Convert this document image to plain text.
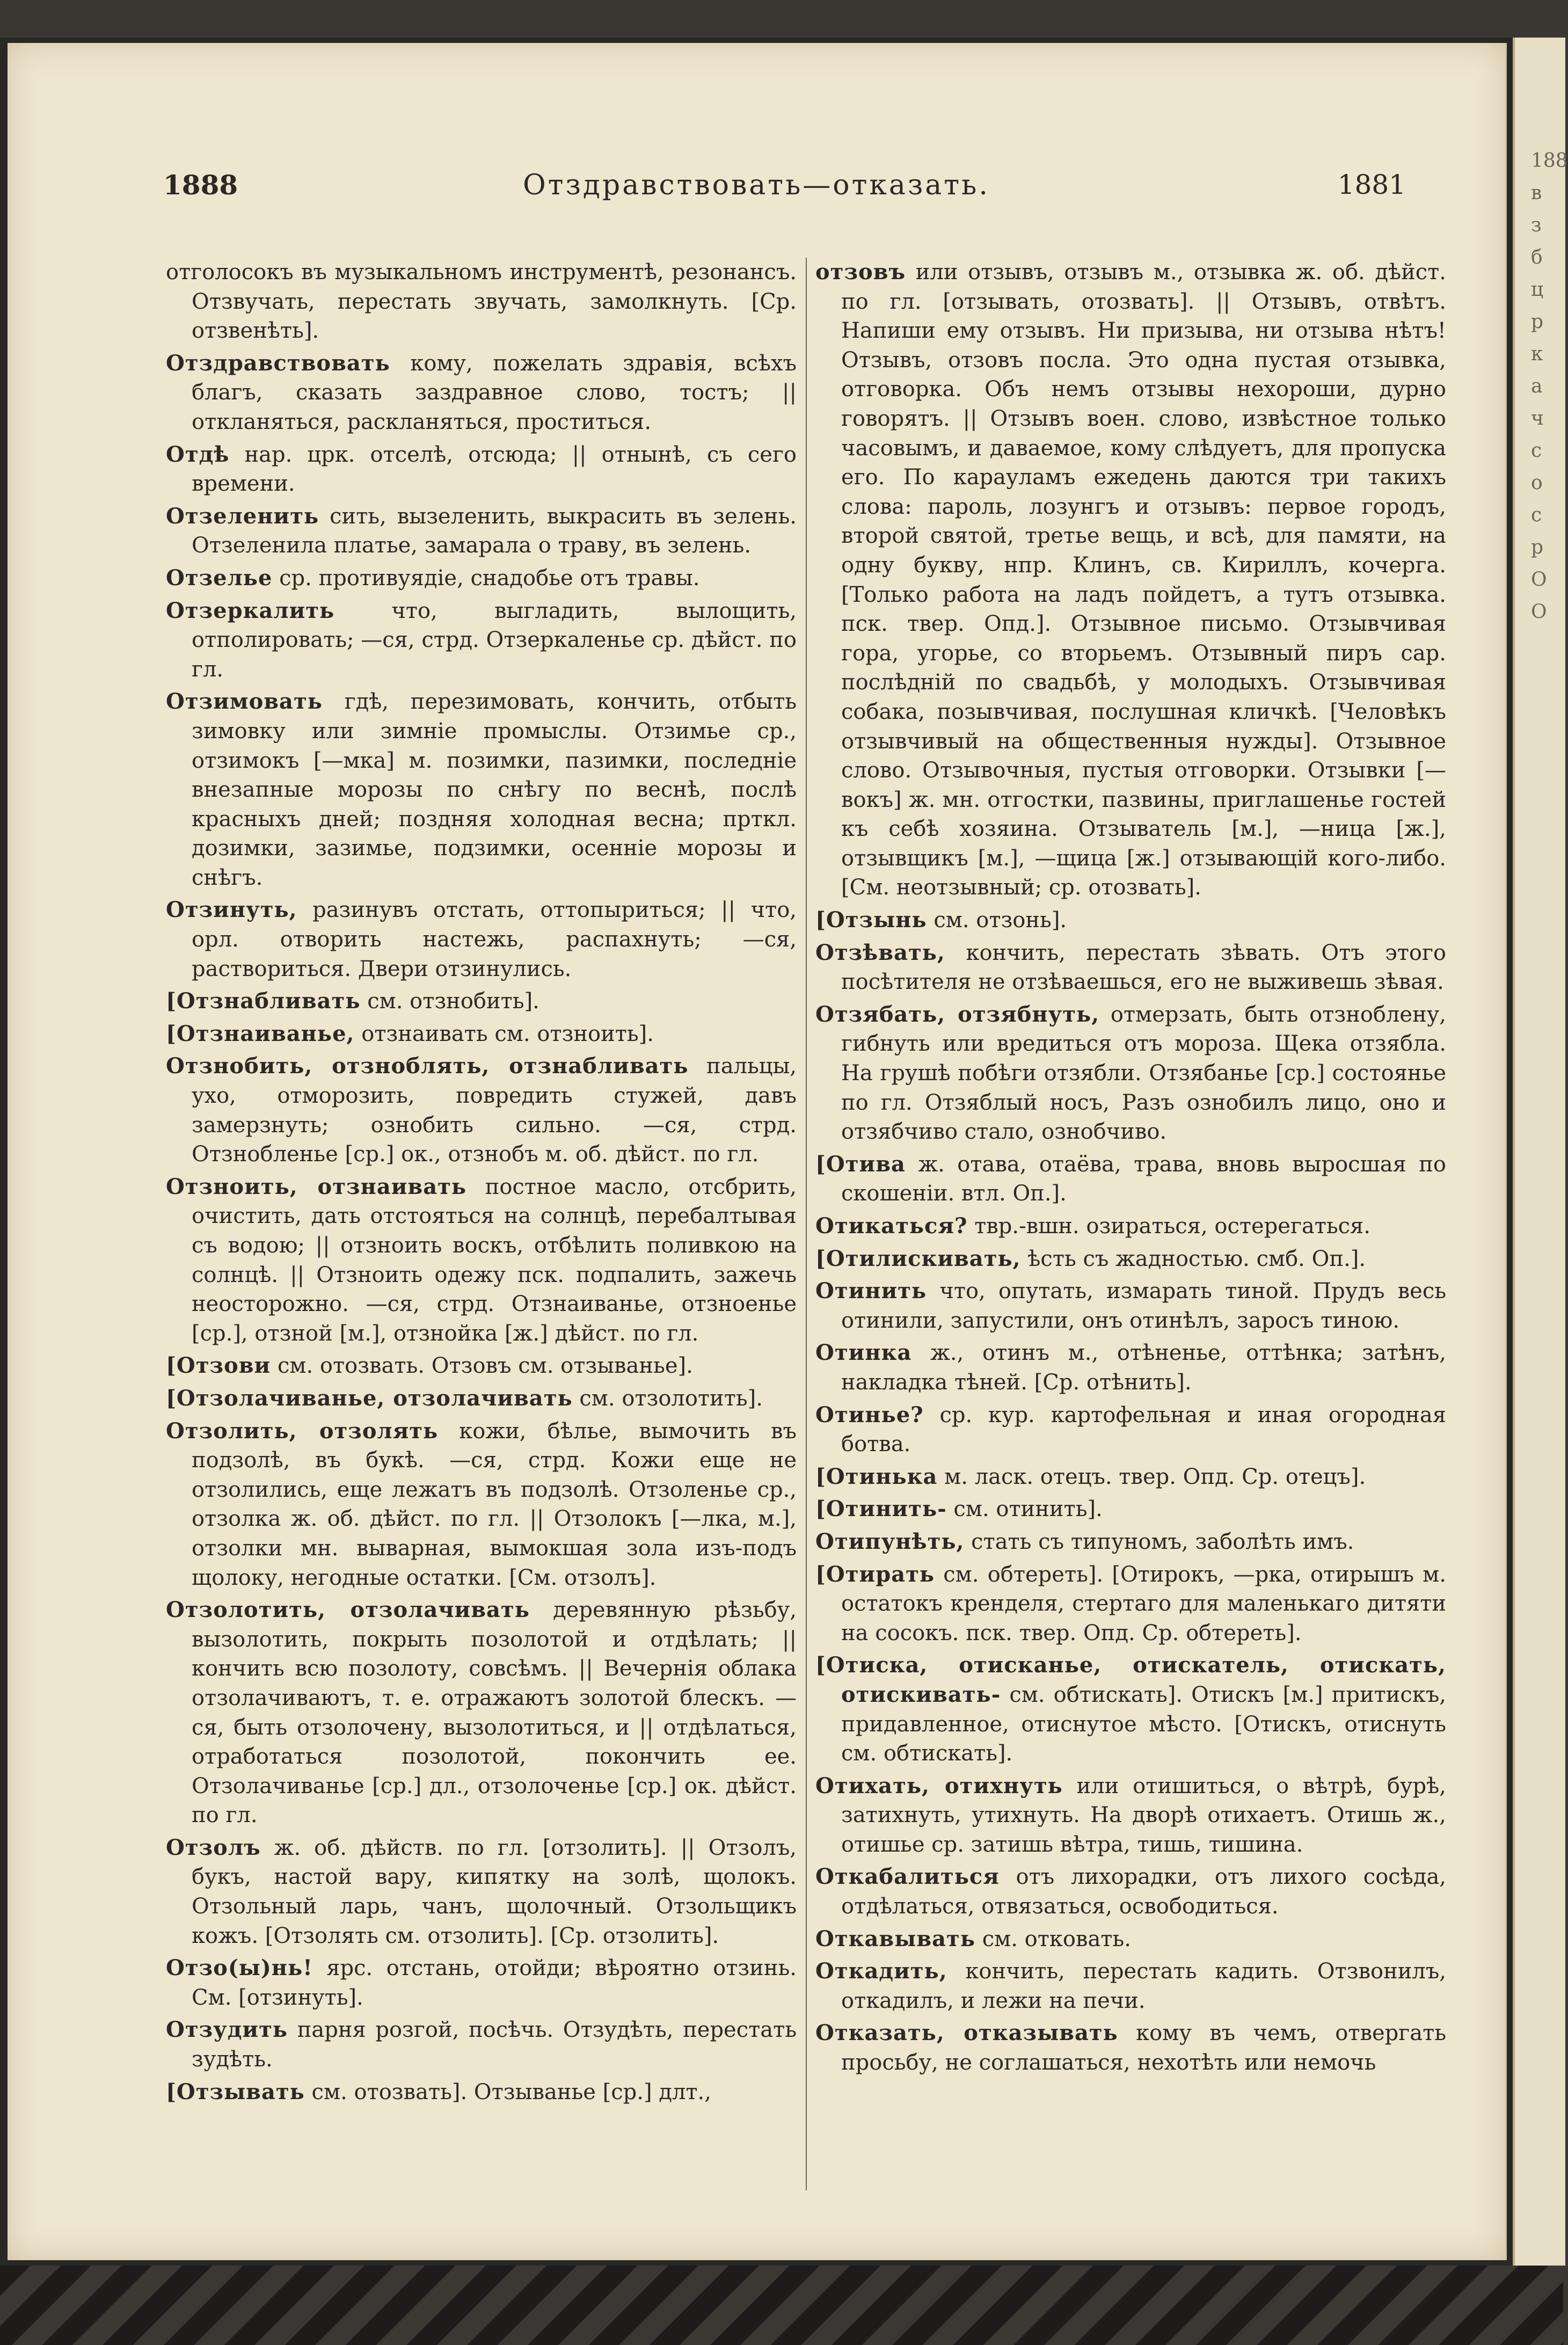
1888	Отздравствовать—отказать.	1881

отголосокъ въ музыкальномъ инструментѣ, резонансъ. Отзвучать, перестать звучать, замолкнуть. [Ср. отзвенѣть].

Отздравствовать кому, пожелать здравія, всѣхъ благъ, сказать заздравное слово, тостъ; || откланяться, раскланяться, проститься.

Отдѣ нар. црк. отселѣ, отсюда; || отнынѣ, съ сего времени.

Отзеленить сить, вызеленить, выкрасить въ зелень. Отзеленила платье, замарала о траву, въ зелень.

Отзелье ср. противуядіе, снадобье отъ травы.

Отзеркалить	что, выгладить, вылощить, отполировать; —ся, стрд. Отзеркаленье ср. дѣйст. по гл.

Отзимовать гдѣ, перезимовать, кончить, отбыть зимовку или зимніе промыслы. Отзимье ср., отзимокъ [—мка] м. позимки, пазимки, последніе внезапные морозы по снѣгу по веснѣ, послѣ красныхъ дней; поздняя холодная весна; прткл. дозимки, зазимье, подзимки, осенніе морозы и снѣгъ.

Отзинуть, разинувъ отстать, оттопыриться; || что, орл. отворить настежь, распахнуть; —ся, раствориться. Двери отзинулись.

[Отзнабливать см. отзнобить].

[Отзнаиванье, отзнаивать см. отзноить].

Отзнобить, отзноблять, отзнабливать пальцы, ухо, отморозить, повредить стужей, давъ замерзнуть; ознобить сильно. —ся, стрд. Отзнобленье [ср.] ок., отзнобъ м. об. дѣйст. по гл.

Отзноить, отзнаивать постное масло, отсбрить, очистить, дать отстояться на солнцѣ, перебалтывая съ водою; || отзноить воскъ, отбѣлить поливкою на солнцѣ. || Отзноить одежу пск. подпалить, зажечь неосторожно. —ся, стрд. Отзнаиванье, отзноенье [ср.], отзной [м.], отзнойка [ж.] дѣйст. по гл.

[Отзови см. отозвать. Отзовъ см. отзыванье].

[Отзолачиванье, отзолачивать см. отзолотить].

Отзолить, отзолять кожи, бѣлье, вымочить въ подзолѣ, въ букѣ. —ся, стрд. Кожи еще не отзолились, еще лежатъ въ подзолѣ. Отзоленье ср., отзолка ж. об. дѣйст. по гл. || Отзолокъ [—лка, м.], отзолки мн. выварная, вымокшая зола изъ-подъ щолоку, негодные остатки. [См. отзолъ].

Отзолотить, отзолачивать деревянную рѣзьбу, вызолотить, покрыть позолотой и отдѣлать; || кончить всю позолоту, совсѣмъ. || Вечернія облака отзолачиваютъ, т. е. отражаютъ золотой блескъ. —ся, быть отзолочену, вызолотиться, и || отдѣлаться, отработаться позолотой, покончить ее. Отзолачиванье [ср.] дл., отзолоченье [ср.] ок. дѣйст. по гл.

Отзолъ ж. об. дѣйств. по гл. [отзолить]. || Отзолъ, букъ, настой вару, кипятку на золѣ, щолокъ. Отзольный ларь, чанъ, щолочный. Отзольщикъ кожъ. [Отзолять см. отзолить]. [Ср. отзолить].

Отзо(ы)нь! ярс. отстань, отойди; вѣроятно отзинь. См. [отзинуть].

Отзудить парня розгой, посѣчь. Отзудѣть, перестать зудѣть.

[Отзывать см. отозвать]. Отзыванье [ср.] длт.,

отзовъ или отзывъ, отзывъ м., отзывка ж. об. дѣйст. по гл. [отзывать, отозвать]. || Отзывъ, отвѣтъ. Напиши ему отзывъ. Ни призыва, ни отзыва нѣтъ! Отзывъ, отзовъ посла. Это одна пустая отзывка, отговорка. Объ немъ отзывы нехороши, дурно говорятъ. || Отзывъ воен. слово, извѣстное только часовымъ, и даваемое, кому слѣдуетъ, для пропуска его. По карауламъ ежедень даются три такихъ слова: пароль, лозунгъ и отзывъ: первое городъ, второй святой, третье вещь, и всѣ, для памяти, на одну букву, нпр. Клинъ, св. Кириллъ, кочерга. [Только работа на ладъ пойдетъ, а тутъ отзывка. пск. твер. Опд.]. Отзывное письмо. Отзывчивая гора, угорье, со вторьемъ. Отзывный пиръ сар. послѣдній по свадьбѣ, у молодыхъ. Отзывчивая собака, позывчивая, послушная кличкѣ. [Человѣкъ отзывчивый на общественныя нужды]. Отзывное слово. Отзывочныя, пустыя отговорки. Отзывки [—вокъ] ж. мн. отгостки, пазвины, приглашенье гостей къ себѣ хозяина. Отзыватель [м.], —ница [ж.], отзывщикъ [м.], —щица [ж.] отзывающій кого-либо. [См. неотзывный; ср. отозвать].

[Отзынь см. отзонь].

Отзѣвать, кончить, перестать зѣвать. Отъ этого посѣтителя не отзѣваешься, его не выживешь зѣвая.

Отзябать, отзябнуть, отмерзать, быть отзноблену, гибнуть или вредиться отъ мороза. Щека отзябла. На грушѣ побѣги отзябли. Отзябанье [ср.] состоянье по гл. Отзяблый носъ, Разъ ознобилъ лицо, оно и отзябчиво стало, ознобчиво.

[Отива ж. отава, отаёва, трава, вновь выросшая по скошеніи. втл. Оп.].

Отикаться? твр.-вшн. озираться, остерегаться.

[Отилискивать, ѣсть съ жадностью. смб. Оп.].

Отинить что, опутать, измарать тиной. Прудъ весь отинили, запустили, онъ отинѣлъ, заросъ тиною.

Отинка ж., отинъ м., отѣненье, оттѣнка; затѣнъ, накладка тѣней. [Ср. отѣнить].

Отинье? ср. кур. картофельная и иная огородная ботва.

[Отинька м. ласк. отецъ. твер. Опд. Ср. отецъ].

[Отинить- см. отинить].

Отипунѣть, стать съ типуномъ, заболѣть имъ.

[Отирать см. обтереть]. [Отирокъ, —рка, отирышъ м. остатокъ кренделя, стертаго для маленькаго дитяти на сосокъ. пск. твер. Опд. Ср. обтереть].

[Отиска, отисканье, отискатель, отискать, отискивать- см. обтискать]. Отискъ [м.] притискъ, придавленное, отиснутое мѣсто. [Отискъ, отиснуть см. обтискать].

Отихать, отихнуть или отишиться, о вѣтрѣ, бурѣ, затихнуть, утихнуть. На дворѣ отихаетъ. Отишь ж., отишье ср. затишь вѣтра, тишь, тишина.

Откабалиться отъ лихорадки, отъ лихого сосѣда, отдѣлаться, отвязаться, освободиться.

Откавывать см. отковать.

Откадить, кончить, перестать кадить. Отзвонилъ, откадилъ, и лежи на печи.

Отказать, отказывать кому въ чемъ, отвергать просьбу, не соглашаться, нехотѣть или немочь

188
в
з
б
ц
р
к
а
ч
с
о
с
р
О
О
